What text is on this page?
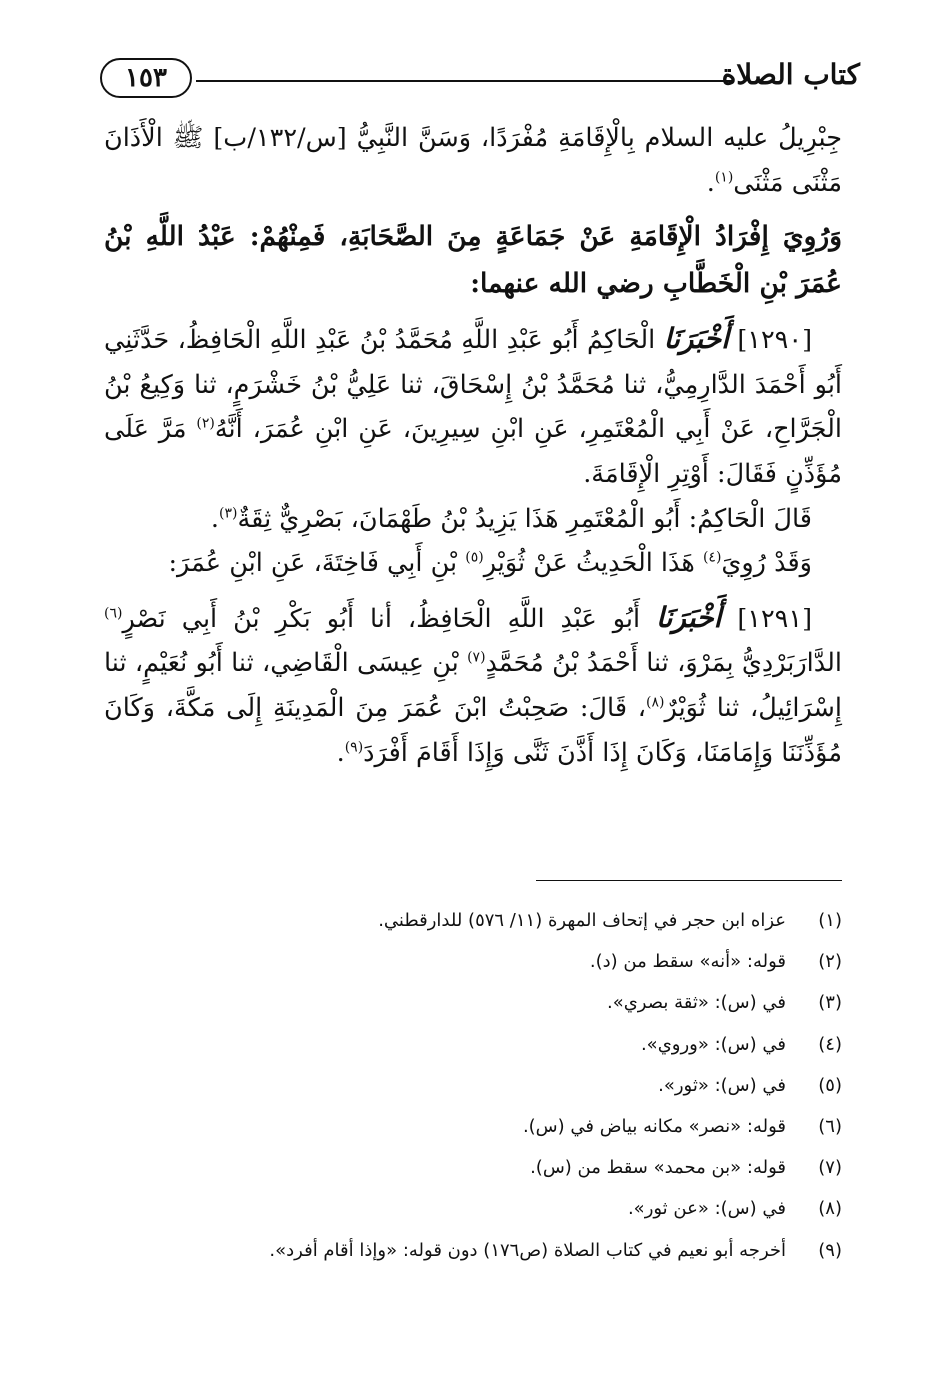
كتاب الصلاة
١٥٣

جِبْرِيلُ عليه السلام بِالْإِقَامَةِ مُفْرَدًا، وَسَنَّ النَّبِيُّ [س/١٣٢/ب] ﷺ الْأَذَانَ مَثْنَى مَثْنَى$^{(١)}$.

وَرُوِيَ إِفْرَادُ الْإِقَامَةِ عَنْ جَمَاعَةٍ مِنَ الصَّحَابَةِ، فَمِنْهُمْ: عَبْدُ اللَّهِ بْنُ عُمَرَ بْنِ الْخَطَّابِ رضي الله عنهما:

[١٢٩٠] أَخْبَرَنَا الْحَاكِمُ أَبُو عَبْدِ اللَّهِ مُحَمَّدُ بْنُ عَبْدِ اللَّهِ الْحَافِظُ، حَدَّثَنِي أَبُو أَحْمَدَ الدَّارِمِيُّ، ثنا مُحَمَّدُ بْنُ إِسْحَاقَ، ثنا عَلِيُّ بْنُ خَشْرَمٍ، ثنا وَكِيعُ بْنُ الْجَرَّاحِ، عَنْ أَبِي الْمُعْتَمِرِ، عَنِ ابْنِ سِيرِينَ، عَنِ ابْنِ عُمَرَ، أَنَّهُ$^{(٢)}$ مَرَّ عَلَى مُؤَذِّنٍ فَقَالَ: أَوْتِرِ الْإِقَامَةَ.

قَالَ الْحَاكِمُ: أَبُو الْمُعْتَمِرِ هَذَا يَزِيدُ بْنُ طَهْمَانَ، بَصْرِيٌّ ثِقَةٌ$^{(٣)}$.

وَقَدْ رُوِيَ$^{(٤)}$ هَذَا الْحَدِيثُ عَنْ ثُوَيْرِ$^{(٥)}$ بْنِ أَبِي فَاخِتَةَ، عَنِ ابْنِ عُمَرَ:

[١٢٩١] أَخْبَرَنَا أَبُو عَبْدِ اللَّهِ الْحَافِظُ، أنا أَبُو بَكْرِ بْنُ أَبِي نَصْرٍ$^{(٦)}$ الدَّارَبَرْدِيُّ بِمَرْوَ، ثنا أَحْمَدُ بْنُ مُحَمَّدٍ$^{(٧)}$ بْنِ عِيسَى الْقَاضِي، ثنا أَبُو نُعَيْمٍ، ثنا إِسْرَائِيلُ، ثنا ثُوَيْرٌ$^{(٨)}$، قَالَ: صَحِبْتُ ابْنَ عُمَرَ مِنَ الْمَدِينَةِ إِلَى مَكَّةَ، وَكَانَ مُؤَذِّنَنَا وَإِمَامَنَا، وَكَانَ إِذَا أَذَّنَ ثَنَّى وَإِذَا أَقَامَ أَفْرَدَ$^{(٩)}$.

(١)عزاه ابن حجر في إتحاف المهرة (١١/ ٥٧٦) للدارقطني.
(٢)قوله: «أنه» سقط من (د).
(٣)في (س): «ثقة بصري».
(٤)في (س): «وروي».
(٥)في (س): «ثور».
(٦)قوله: «نصر» مكانه بياض في (س).
(٧)قوله: «بن محمد» سقط من (س).
(٨)في (س): «عن ثور».
(٩)أخرجه أبو نعيم في كتاب الصلاة (ص١٧٦) دون قوله: «وإذا أقام أفرد».
